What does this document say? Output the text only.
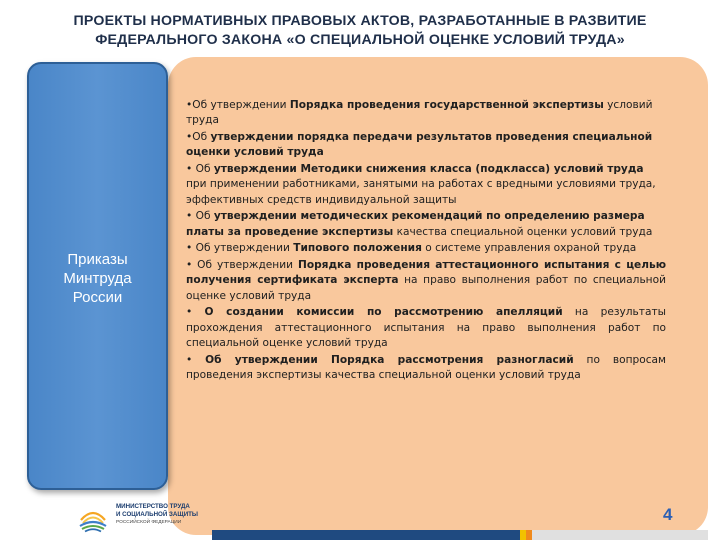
ПРОЕКТЫ НОРМАТИВНЫХ ПРАВОВЫХ АКТОВ, РАЗРАБОТАННЫЕ В РАЗВИТИЕ
ФЕДЕРАЛЬНОГО ЗАКОНА «О СПЕЦИАЛЬНОЙ ОЦЕНКЕ УСЛОВИЙ ТРУДА»
Приказы
Минтруда
России
•Об утверждении Порядка проведения государственной экспертизы условий труда
•Об утверждении порядка передачи результатов проведения специальной оценки условий труда
• Об утверждении Методики снижения класса (подкласса) условий труда при применении работниками, занятыми на работах с вредными условиями труда, эффективных средств индивидуальной защиты
• Об утверждении методических рекомендаций по определению размера платы за проведение экспертизы качества специальной оценки условий труда
• Об утверждении Типового положения о системе управления охраной труда
• Об утверждении Порядка проведения аттестационного испытания с целью получения сертификата эксперта на право выполнения работ по специальной оценке условий труда
• О создании комиссии по рассмотрению апелляций на результаты прохождения аттестационного испытания на право выполнения работ по специальной оценке условий труда
• Об утверждении Порядка рассмотрения разногласий по вопросам проведения экспертизы качества специальной оценки условий труда
МИНИСТЕРСТВО ТРУДА
И СОЦИАЛЬНОЙ ЗАЩИТЫ
РОССИЙСКОЙ ФЕДЕРАЦИИ	4
